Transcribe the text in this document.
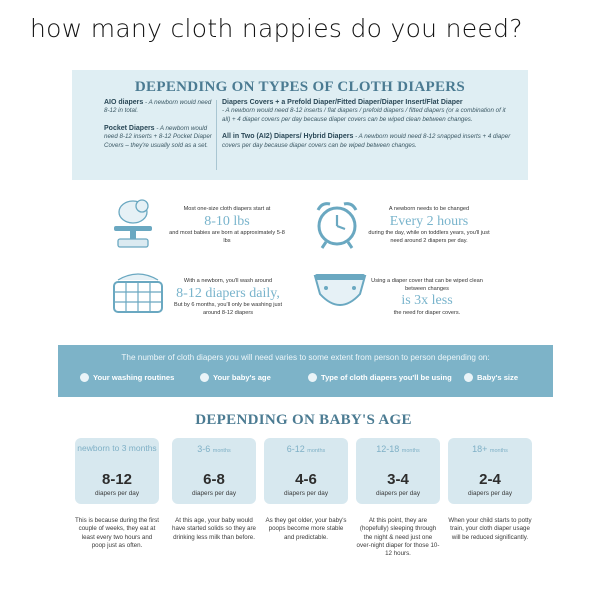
how many cloth nappies do you need?
DEPENDING ON TYPES OF CLOTH DIAPERS
AIO diapers - A newborn would need 8-12 in total.
Pocket Diapers - A newborn would need 8-12 inserts + 8-12 Pocket Diaper Covers – they're usually sold as a set.
Diapers Covers + a Prefold Diaper/Fitted Diaper/Diaper Insert/Flat Diaper
- A newborn would need 8-12 inserts / flat diapers / prefold diapers / fitted diapers (or a combination of it all) + 4 diaper covers per day because diaper covers can be wiped clean between changes.
All in Two (AI2) Diapers/ Hybrid Diapers - A newborn would need 8-12 snapped inserts + 4 diaper covers per day because diaper covers can be wiped between changes.
Most one-size cloth diapers start at
8-10 lbs
and most babies are born at approximately 5-8 lbs
A newborn needs to be changed
Every 2 hours
during the day, while on toddlers years, you'll just need around 2 diapers per day.
With a newborn, you'll wash around
8-12 diapers daily,
But by 6 months, you'll only be washing just around 8-12 diapers
Using a diaper cover that can be wiped clean between changes
is 3x less
the need for diaper covers.
The number of cloth diapers you will need varies to some extent from person to person depending on:
Your washing routines	Your baby's age	Type of cloth diapers you'll be using	Baby's size
DEPENDING ON BABY'S AGE
newborn to 3 months
8-12
diapers per day
3-6 months
6-8
diapers per day
6-12 months
4-6
diapers per day
12-18 months
3-4
diapers per day
18+ months
2-4
diapers per day
This is because during the first couple of weeks, they eat at least every two hours and poop just as often.
At this age, your baby would have started solids so they are drinking less milk than before.
As they get older, your baby's poops become more stable and predictable.
At this point, they are (hopefully) sleeping through the night & need just one over-night diaper for those 10-12 hours.
When your child starts to potty train, your cloth diaper usage will be reduced significantly.
